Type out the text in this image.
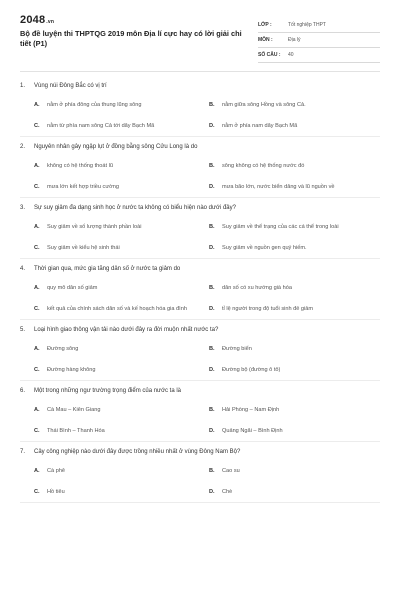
2048.vn
Bộ đề luyện thi THPTQG 2019 môn Địa lí cực hay có lời giải chi tiết (P1)
LỚP :	Tốt nghiệp THPT
MÔN :	Địa lý
SỐ CÂU :	40
1.	Vùng núi Đông Bắc có vị trí
A.	nằm ở phía đông của thung lũng sông	B.	nằm giữa sông Hồng và sông Cả.
C.	nằm từ phía nam sông Cả tới dãy Bạch Mã	D.	nằm ở phía nam dãy Bạch Mã
2.	Nguyên nhân gây ngập lụt ở đồng bằng sông Cửu Long là do
A.	không có hệ thống thoát lũ	B.	sông không có hệ thống nước đó
C.	mưa lớn kết hợp triều cường	D.	mưa bão lớn, nước biển dâng và lũ nguồn về
3.	Sự suy giảm đa dạng sinh học ở nước ta không có biểu hiện nào dưới đây?
A.	Suy giảm về số lượng thành phần loài	B.	Suy giảm về thể trạng của các cá thể trong loài
C.	Suy giảm về kiểu hệ sinh thái	D.	Suy giảm về nguồn gen quý hiếm.
4.	Thời gian qua, mức gia tăng dân số ở nước ta giảm do
A.	quy mô dân số giảm	B.	dân số có xu hướng già hóa
C.	kết quả của chính sách dân số và kế hoạch hóa gia đình	D.	tỉ lệ người trong độ tuổi sinh đẻ giảm
5.	Loại hình giao thông vận tải nào dưới đây ra đời muộn nhất nước ta?
A.	Đường sông	B.	Đường biển
C.	Đường hàng không	D.	Đường bộ (đường ô tô)
6.	Một trong những ngư trường trọng điểm của nước ta là
A.	Cà Mau – Kiên Giang	B.	Hải Phòng – Nam Định
C.	Thái Bình – Thanh Hóa	D.	Quảng Ngãi – Bình Định
7.	Cây công nghiệp nào dưới đây được trồng nhiều nhất ở vùng Đông Nam Bộ?
A.	Cà phê	B.	Cao su
C.	Hồ tiêu	D.	Chè
